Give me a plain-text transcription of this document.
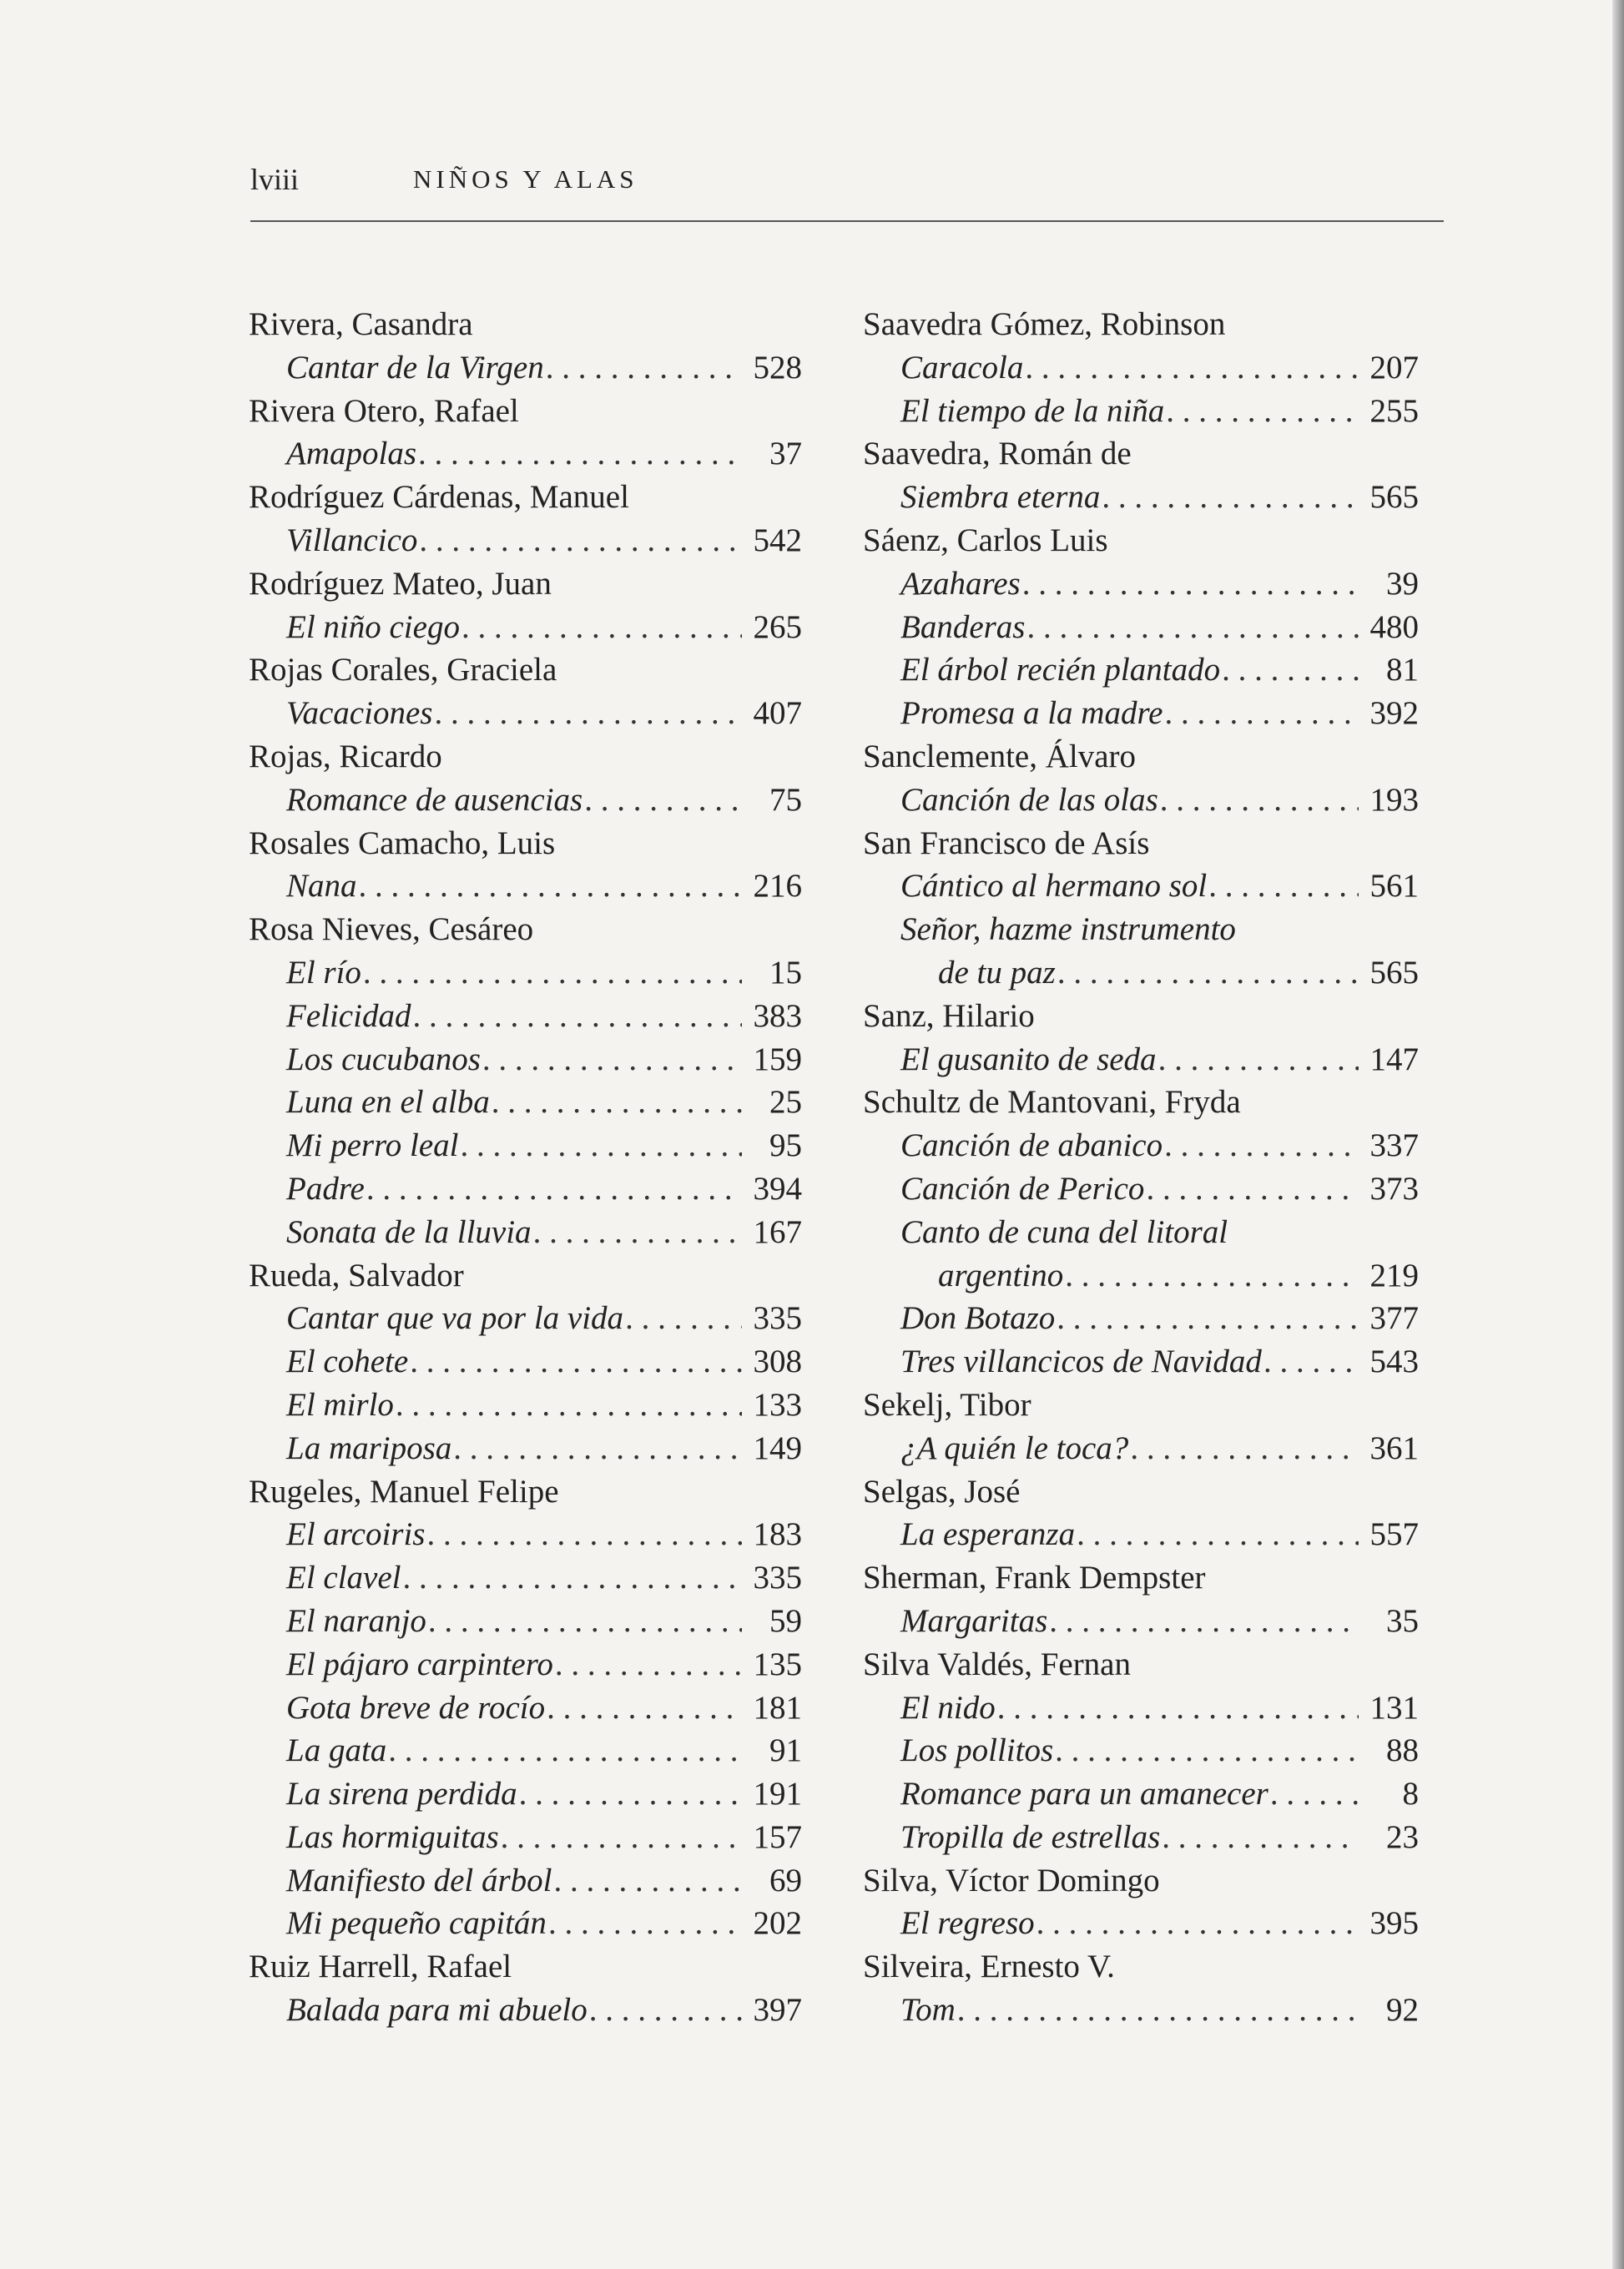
lviii	NIÑOS Y ALAS
Rivera, Casandra
Cantar de la Virgen . . .	528
Rivera Otero, Rafael
Amapolas . . .	37
Rodríguez Cárdenas, Manuel
Villancico . . .	542
Rodríguez Mateo, Juan
El niño ciego . . .	265
Rojas Corales, Graciela
Vacaciones . . .	407
Rojas, Ricardo
Romance de ausencias . . .	75
Rosales Camacho, Luis
Nana . . .	216
Rosa Nieves, Cesáreo
El río . . .	15
Felicidad . . .	383
Los cucubanos . . .	159
Luna en el alba . . .	25
Mi perro leal . . .	95
Padre . . .	394
Sonata de la lluvia . . .	167
Rueda, Salvador
Cantar que va por la vida . . .	335
El cohete . . .	308
El mirlo . . .	133
La mariposa . . .	149
Rugeles, Manuel Felipe
El arcoiris . . .	183
El clavel . . .	335
El naranjo . . .	59
El pájaro carpintero . . .	135
Gota breve de rocío . . .	181
La gata . . .	91
La sirena perdida . . .	191
Las hormiguitas . . .	157
Manifiesto del árbol . . .	69
Mi pequeño capitán . . .	202
Ruiz Harrell, Rafael
Balada para mi abuelo . . .	397
Saavedra Gómez, Robinson
Caracola . . .	207
El tiempo de la niña . . .	255
Saavedra, Román de
Siembra eterna . . .	565
Sáenz, Carlos Luis
Azahares . . .	39
Banderas . . .	480
El árbol recién plantado . . .	81
Promesa a la madre . . .	392
Sanclemente, Álvaro
Canción de las olas . . .	193
San Francisco de Asís
Cántico al hermano sol . . .	561
Señor, hazme instrumento
de tu paz . . .	565
Sanz, Hilario
El gusanito de seda . . .	147
Schultz de Mantovani, Fryda
Canción de abanico . . .	337
Canción de Perico . . .	373
Canto de cuna del litoral
argentino . . .	219
Don Botazo . . .	377
Tres villancicos de Navidad . . .	543
Sekelj, Tibor
¿A quién le toca? . . .	361
Selgas, José
La esperanza . . .	557
Sherman, Frank Dempster
Margaritas . . .	35
Silva Valdés, Fernan
El nido . . .	131
Los pollitos . . .	88
Romance para un amanecer . . .	8
Tropilla de estrellas . . .	23
Silva, Víctor Domingo
El regreso . . .	395
Silveira, Ernesto V.
Tom . . .	92
